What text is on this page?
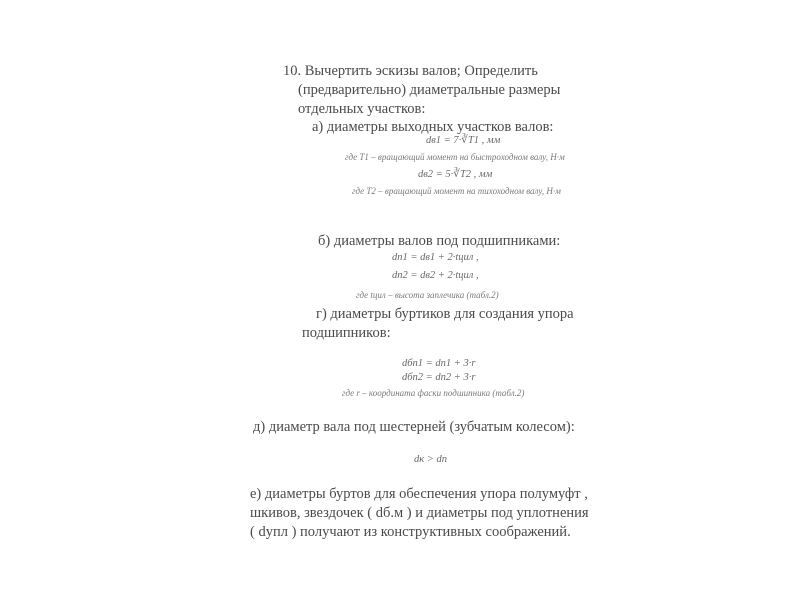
10. Вычертить эскизы валов; Определить
(предварительно) диаметральные размеры
отдельных участков:
а) диаметры выходных участков валов:
dв1 = 7·∛T1 , мм
где T1 – вращающий момент на быстроходном валу, Н·м
dв2 = 5·∛T2 , мм
где T2 – вращающий момент на тихоходном валу, Н·м
б) диаметры валов под подшипниками:
dп1 = dв1 + 2·tцил ,
dп2 = dв2 + 2·tцил ,
где tцил – высота заплечика (табл.2)
г) диаметры буртиков для создания упора
подшипников:
dбп1 = dп1 + 3·r
dбп2 = dп2 + 3·r
где r – координата фаски подшипника (табл.2)
д) диаметр вала под шестерней (зубчатым колесом):
dк > dп
е) диаметры буртов для обеспечения упора полумуфт ,
шкивов, звездочек ( dб.м ) и диаметры под уплотнения
( dупл ) получают из конструктивных соображений.
